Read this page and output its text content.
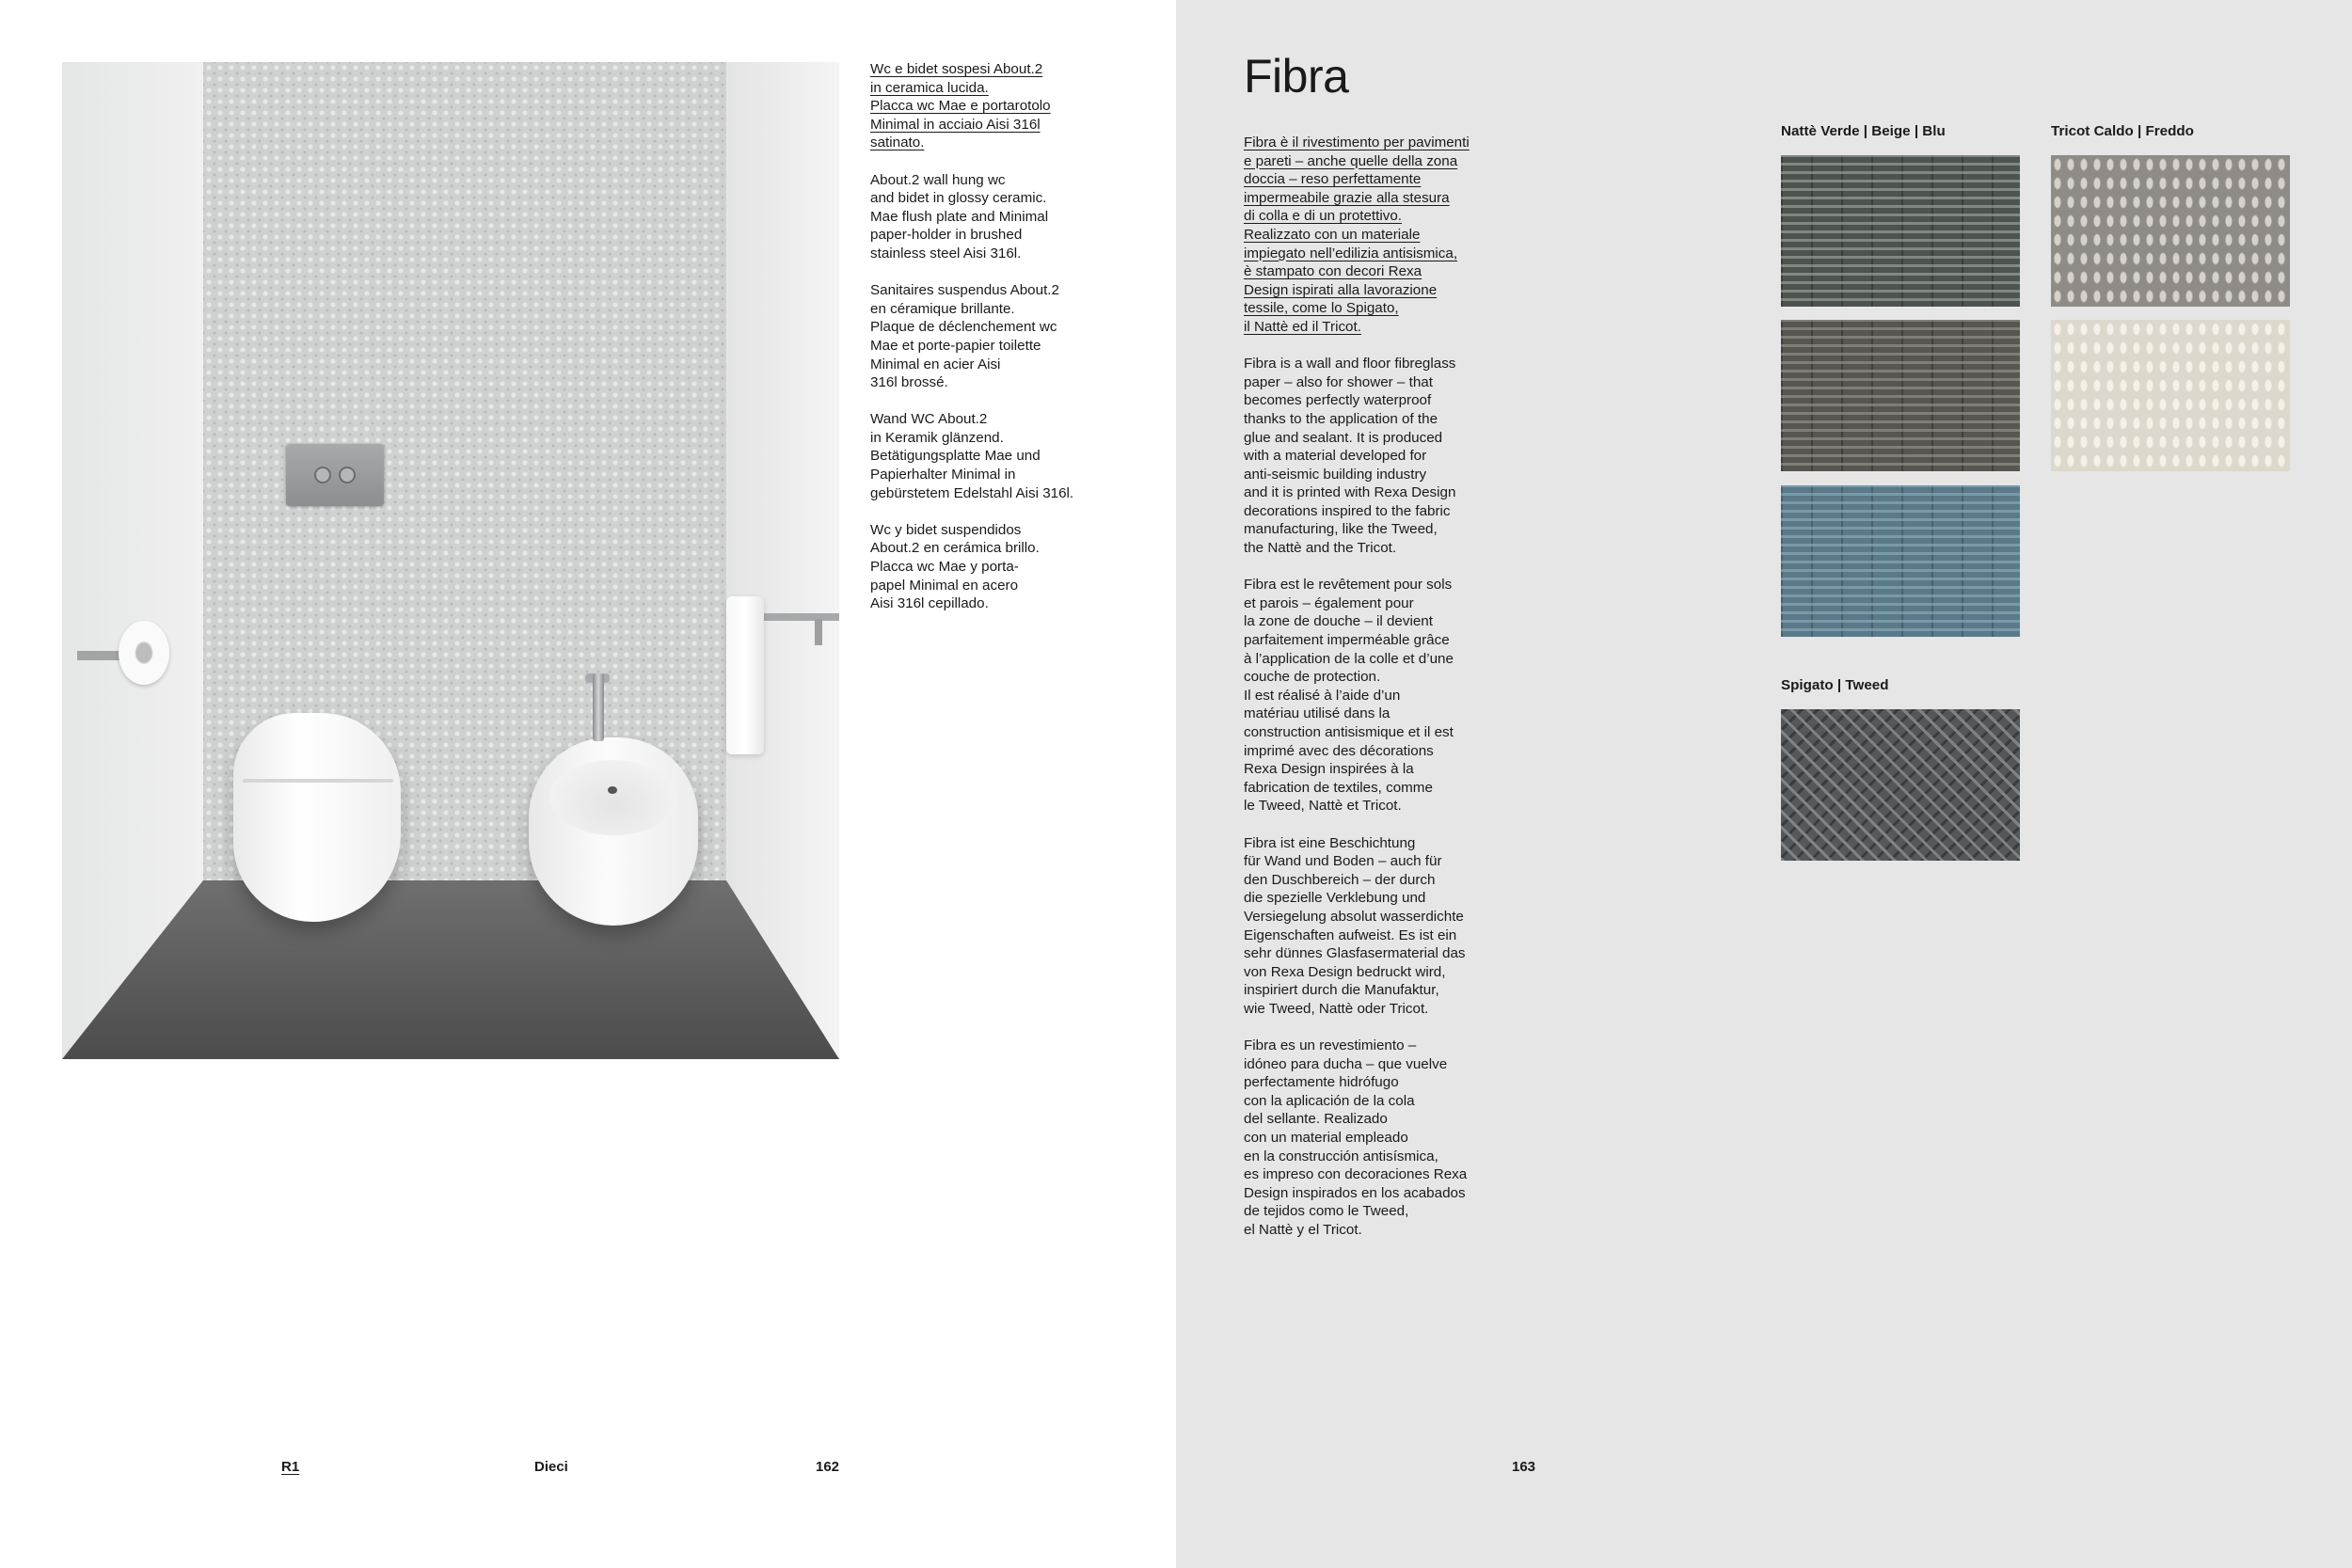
Wc e bidet sospesi About.2
in ceramica lucida.
Placca wc Mae e portarotolo
Minimal in acciaio Aisi 316l
satinato.

About.2 wall hung wc
and bidet in glossy ceramic.
Mae flush plate and Minimal
paper-holder in brushed
stainless steel Aisi 316l.

Sanitaires suspendus About.2
en céramique brillante.
Plaque de déclenchement wc
Mae et porte-papier toilette
Minimal en acier Aisi
316l brossé.

Wand WC About.2
in Keramik glänzend.
Betätigungsplatte Mae und
Papierhalter Minimal in
gebürstetem Edelstahl Aisi 316l.

Wc y bidet suspendidos
About.2 en cerámica brillo.
Placca wc Mae y porta-
papel Minimal en acero
Aisi 316l cepillado.

R1	Dieci	162
Fibra

Fibra è il rivestimento per pavimenti
e pareti – anche quelle della zona
doccia – reso perfettamente
impermeabile grazie alla stesura
di colla e di un protettivo.
Realizzato con un materiale
impiegato nell’edilizia antisismica,
è stampato con decori Rexa
Design ispirati alla lavorazione
tessile, come lo Spigato,
il Nattè ed il Tricot.

Fibra is a wall and floor fibreglass
paper – also for shower – that
becomes perfectly waterproof
thanks to the application of the
glue and sealant. It is produced
with a material developed for
anti-seismic building industry
and it is printed with Rexa Design
decorations inspired to the fabric
manufacturing, like the Tweed,
the Nattè and the Tricot.

Fibra est le revêtement pour sols
et parois – également pour
la zone de douche – il devient
parfaitement imperméable grâce
à l’application de la colle et d’une
couche de protection.
Il est réalisé à l’aide d’un
matériau utilisé dans la
construction antisismique et il est
imprimé avec des décorations
Rexa Design inspirées à la
fabrication de textiles, comme
le Tweed, Nattè et Tricot.

Fibra ist eine Beschichtung
für Wand und Boden – auch für
den Duschbereich – der durch
die spezielle Verklebung und
Versiegelung absolut wasserdichte
Eigenschaften aufweist. Es ist ein
sehr dünnes Glasfasermaterial das
von Rexa Design bedruckt wird,
inspiriert durch die Manufaktur,
wie Tweed, Nattè oder Tricot.

Fibra es un revestimiento –
idóneo para ducha – que vuelve
perfectamente hidrófugo
con la aplicación de la cola
del sellante. Realizado
con un material empleado
en la construcción antisísmica,
es impreso con decoraciones Rexa
Design inspirados en los acabados
de tejidos como le Tweed,
el Nattè y el Tricot.

Nattè Verde | Beige | Blu	Tricot Caldo | Freddo
Spigato | Tweed
163
